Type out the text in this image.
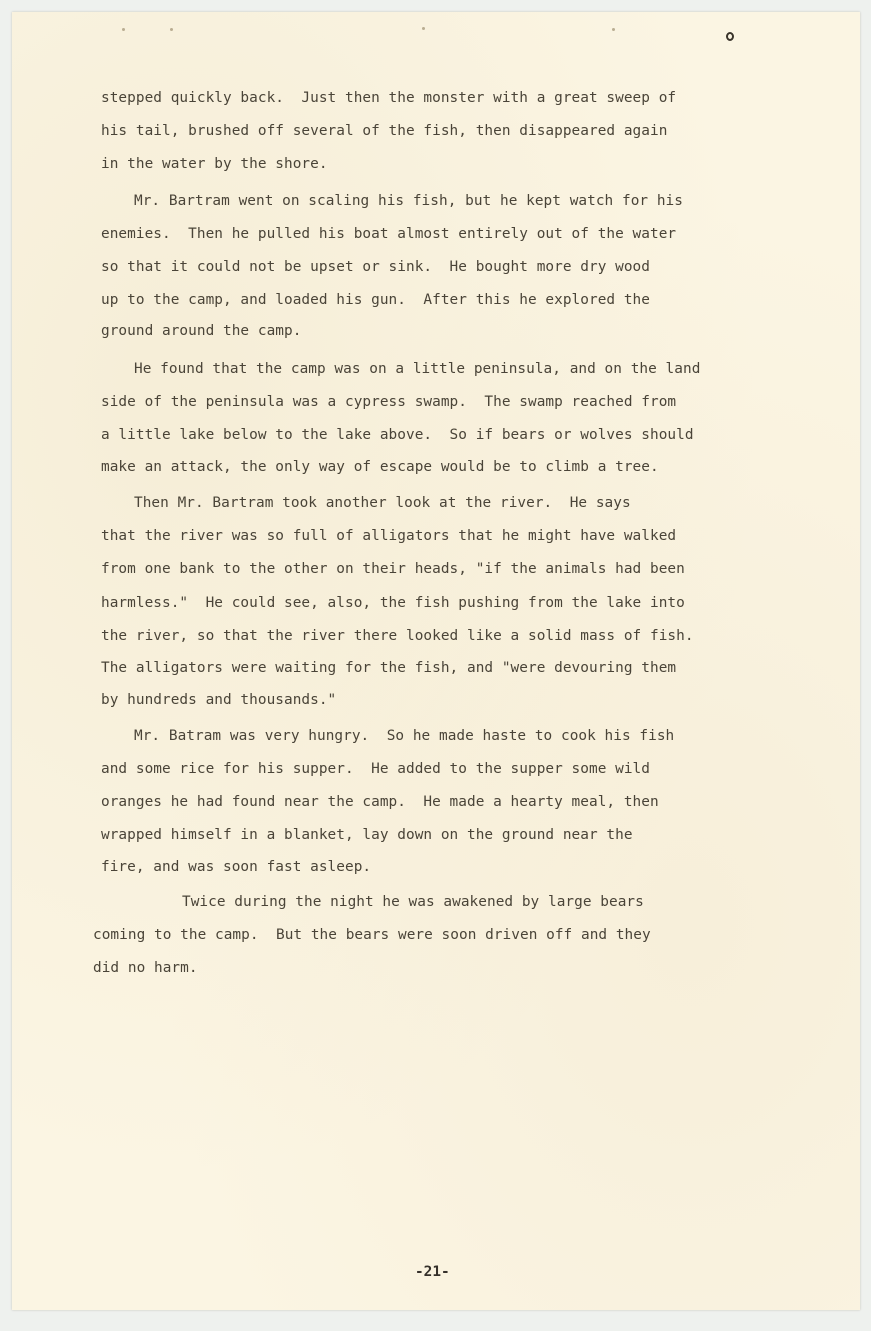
stepped quickly back.  Just then the monster with a great sweep of
his tail, brushed off several of the fish, then disappeared again
in the water by the shore.
Mr. Bartram went on scaling his fish, but he kept watch for his
enemies.  Then he pulled his boat almost entirely out of the water
so that it could not be upset or sink.  He bought more dry wood
up to the camp, and loaded his gun.  After this he explored the
ground around the camp.
He found that the camp was on a little peninsula, and on the land
side of the peninsula was a cypress swamp.  The swamp reached from
a little lake below to the lake above.  So if bears or wolves should
make an attack, the only way of escape would be to climb a tree.
Then Mr. Bartram took another look at the river.  He says
that the river was so full of alligators that he might have walked
from one bank to the other on their heads, "if the animals had been
harmless."  He could see, also, the fish pushing from the lake into
the river, so that the river there looked like a solid mass of fish.
The alligators were waiting for the fish, and "were devouring them
by hundreds and thousands."
Mr. Batram was very hungry.  So he made haste to cook his fish
and some rice for his supper.  He added to the supper some wild
oranges he had found near the camp.  He made a hearty meal, then
wrapped himself in a blanket, lay down on the ground near the
fire, and was soon fast asleep.
Twice during the night he was awakened by large bears
coming to the camp.  But the bears were soon driven off and they
did no harm.
-21-
